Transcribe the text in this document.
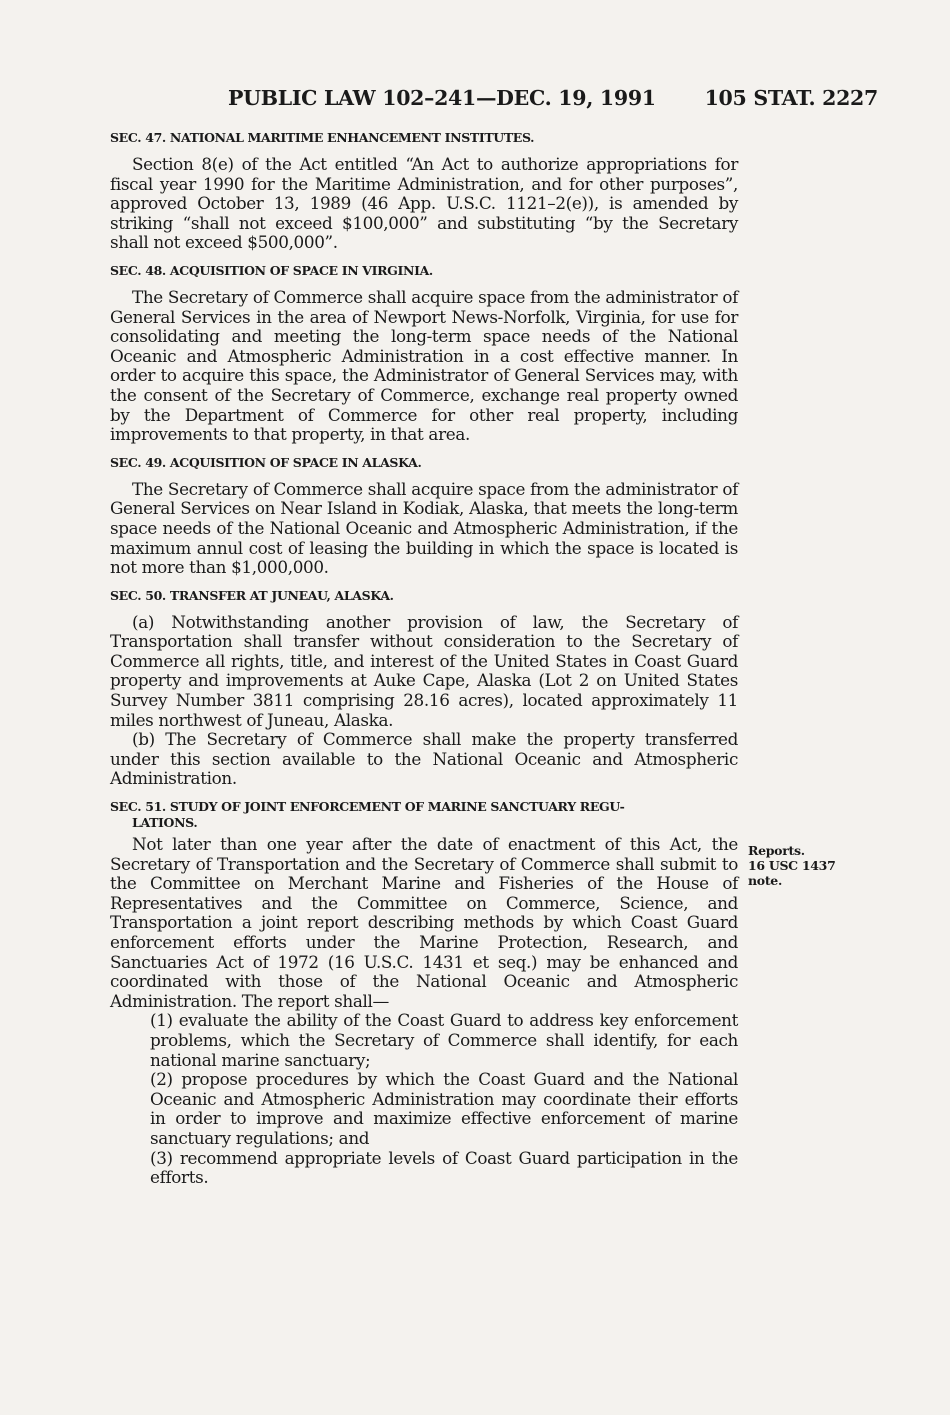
PUBLIC LAW 102–241—DEC. 19, 1991 105 STAT. 2227
SEC. 47. NATIONAL MARITIME ENHANCEMENT INSTITUTES.

Section 8(e) of the Act entitled “An Act to authorize appropriations for fiscal year 1990 for the Maritime Administration, and for other purposes”, approved October 13, 1989 (46 App. U.S.C. 1121–2(e)), is amended by striking “shall not exceed $100,000” and substituting “by the Secretary shall not exceed $500,000”.

SEC. 48. ACQUISITION OF SPACE IN VIRGINIA.

The Secretary of Commerce shall acquire space from the administrator of General Services in the area of Newport News-Norfolk, Virginia, for use for consolidating and meeting the long-term space needs of the National Oceanic and Atmospheric Administration in a cost effective manner. In order to acquire this space, the Administrator of General Services may, with the consent of the Secretary of Commerce, exchange real property owned by the Department of Commerce for other real property, including improvements to that property, in that area.

SEC. 49. ACQUISITION OF SPACE IN ALASKA.

The Secretary of Commerce shall acquire space from the administrator of General Services on Near Island in Kodiak, Alaska, that meets the long-term space needs of the National Oceanic and Atmospheric Administration, if the maximum annul cost of leasing the building in which the space is located is not more than $1,000,000.

SEC. 50. TRANSFER AT JUNEAU, ALASKA.

(a) Notwithstanding another provision of law, the Secretary of Transportation shall transfer without consideration to the Secretary of Commerce all rights, title, and interest of the United States in Coast Guard property and improvements at Auke Cape, Alaska (Lot 2 on United States Survey Number 3811 comprising 28.16 acres), located approximately 11 miles northwest of Juneau, Alaska.

(b) The Secretary of Commerce shall make the property transferred under this section available to the National Oceanic and Atmospheric Administration.

SEC. 51. STUDY OF JOINT ENFORCEMENT OF MARINE SANCTUARY REGU-
LATIONS.

Not later than one year after the date of enactment of this Act, the Secretary of Transportation and the Secretary of Commerce shall submit to the Committee on Merchant Marine and Fisheries of the House of Representatives and the Committee on Commerce, Science, and Transportation a joint report describing methods by which Coast Guard enforcement efforts under the Marine Protection, Research, and Sanctuaries Act of 1972 (16 U.S.C. 1431 et seq.) may be enhanced and coordinated with those of the National Oceanic and Atmospheric Administration. The report shall—

(1) evaluate the ability of the Coast Guard to address key enforcement problems, which the Secretary of Commerce shall identify, for each national marine sanctuary;

(2) propose procedures by which the Coast Guard and the National Oceanic and Atmospheric Administration may coordinate their efforts in order to improve and maximize effective enforcement of marine sanctuary regulations; and

(3) recommend appropriate levels of Coast Guard participation in the efforts.

Reports.
16 USC 1437
note.
